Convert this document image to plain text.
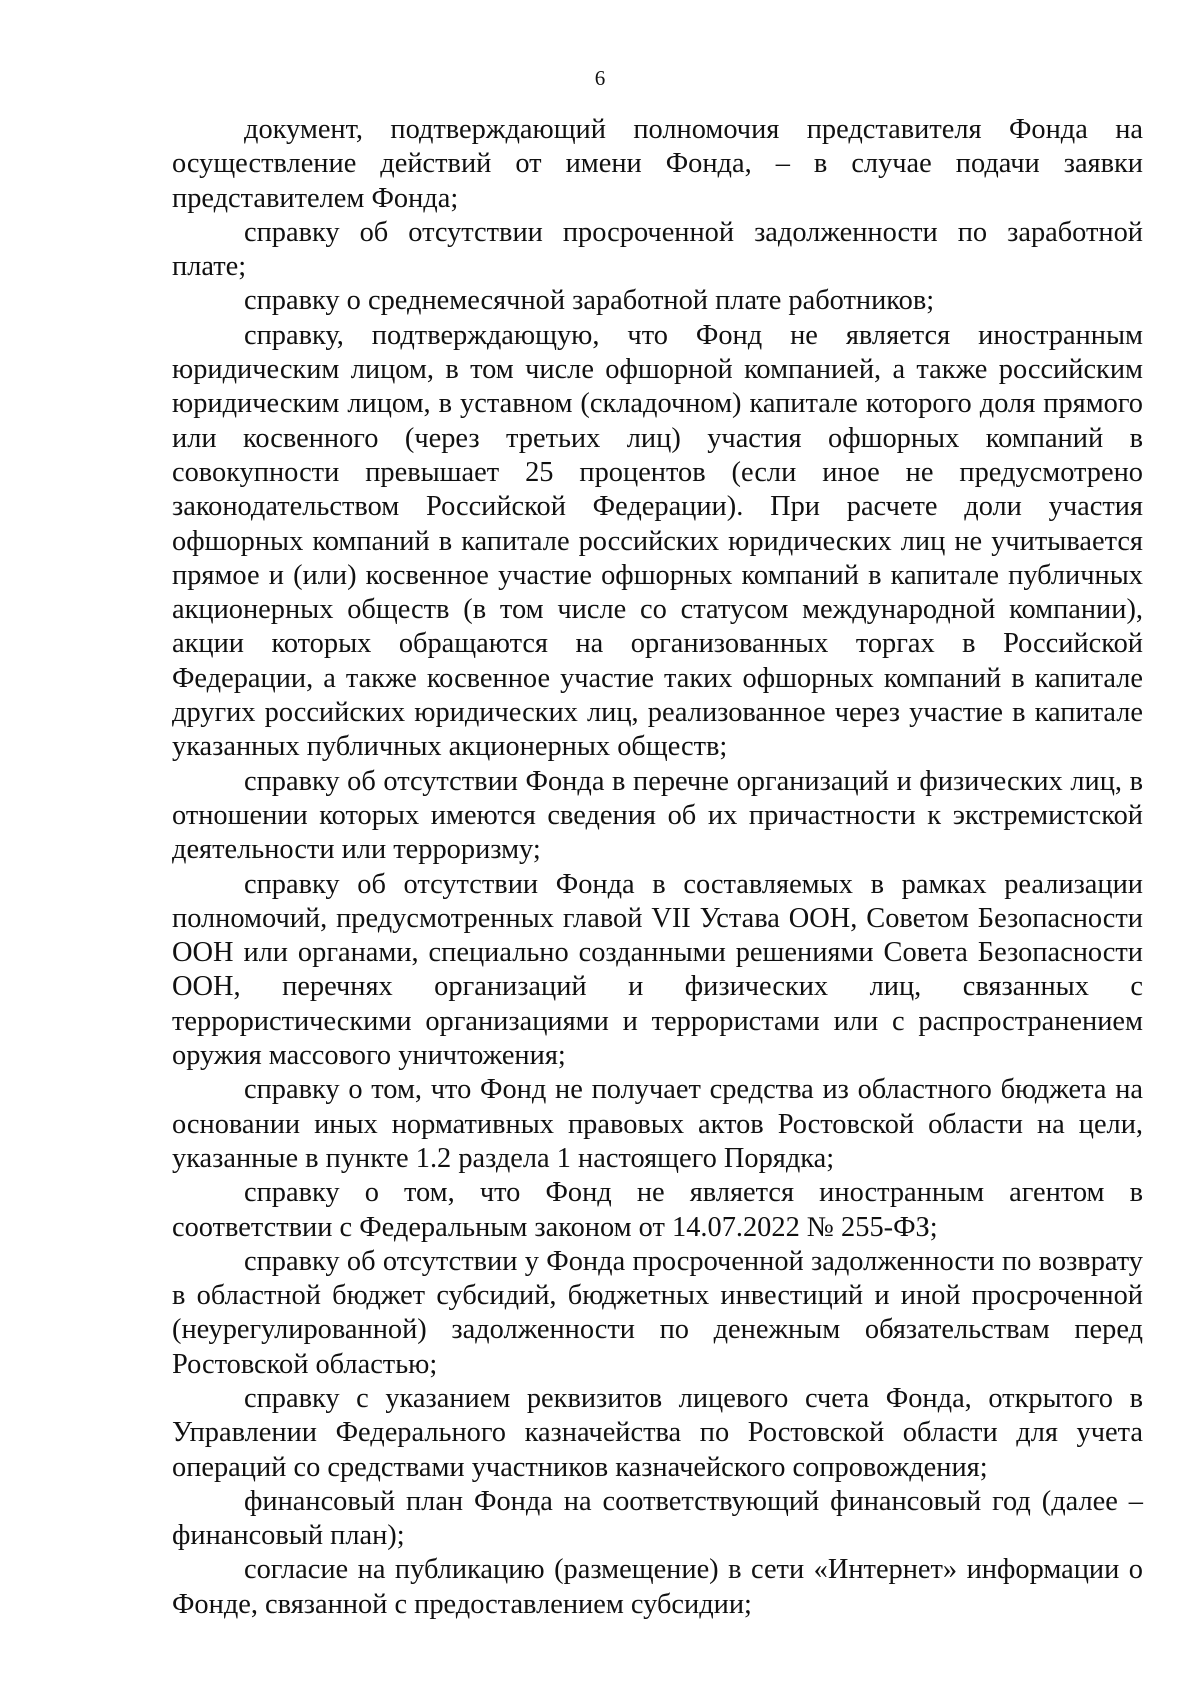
6

документ, подтверждающий полномочия представителя Фонда на осуществление действий от имени Фонда, – в случае подачи заявки представителем Фонда;

справку об отсутствии просроченной задолженности по заработной плате;

справку о среднемесячной заработной плате работников;

справку, подтверждающую, что Фонд не является иностранным юридическим лицом, в том числе офшорной компанией, а также российским юридическим лицом, в уставном (складочном) капитале которого доля прямого или косвенного (через третьих лиц) участия офшорных компаний в совокупности превышает 25 процентов (если иное не предусмотрено законодательством Российской Федерации). При расчете доли участия офшорных компаний в капитале российских юридических лиц не учитывается прямое и (или) косвенное участие офшорных компаний в капитале публичных акционерных обществ (в том числе со статусом международной компании), акции которых обращаются на организованных торгах в Российской Федерации, а также косвенное участие таких офшорных компаний в капитале других российских юридических лиц, реализованное через участие в капитале указанных публичных акционерных обществ;

справку об отсутствии Фонда в перечне организаций и физических лиц, в отношении которых имеются сведения об их причастности к экстремистской деятельности или терроризму;

справку об отсутствии Фонда в составляемых в рамках реализации полномочий, предусмотренных главой VII Устава ООН, Советом Безопасности ООН или органами, специально созданными решениями Совета Безопасности ООН, перечнях организаций и физических лиц, связанных с террористическими организациями и террористами или с распространением оружия массового уничтожения;

справку о том, что Фонд не получает средства из областного бюджета на основании иных нормативных правовых актов Ростовской области на цели, указанные в пункте 1.2 раздела 1 настоящего Порядка;

справку о том, что Фонд не является иностранным агентом в соответствии с Федеральным законом от 14.07.2022 № 255-ФЗ;

справку об отсутствии у Фонда просроченной задолженности по возврату в областной бюджет субсидий, бюджетных инвестиций и иной просроченной (неурегулированной) задолженности по денежным обязательствам перед Ростовской областью;

справку с указанием реквизитов лицевого счета Фонда, открытого в Управлении Федерального казначейства по Ростовской области для учета операций со средствами участников казначейского сопровождения;

финансовый план Фонда на соответствующий финансовый год (далее – финансовый план);

согласие на публикацию (размещение) в сети «Интернет» информации о Фонде, связанной с предоставлением субсидии;
